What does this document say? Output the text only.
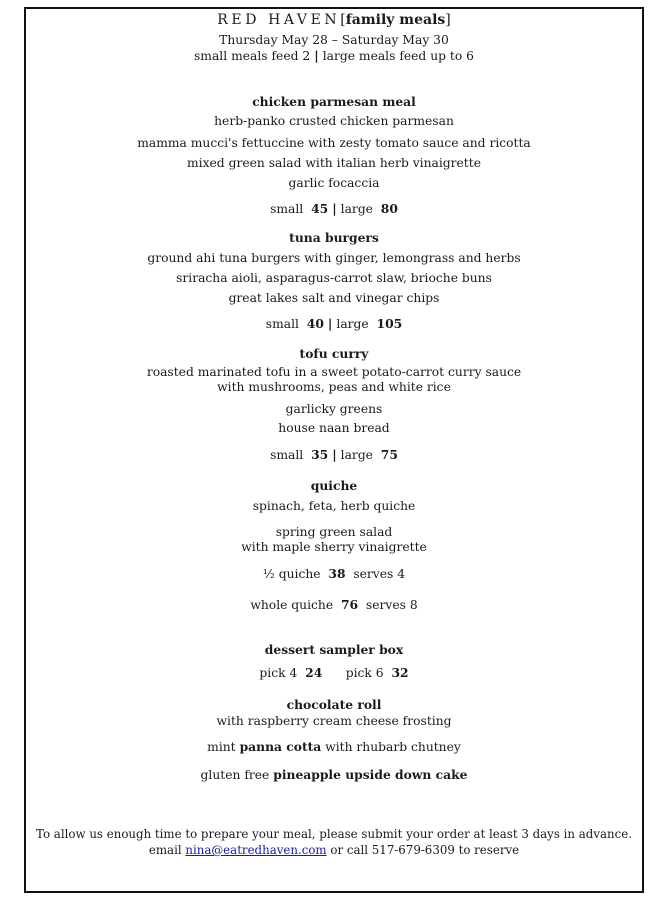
RED HAVEN[family meals]
Thursday May 28 – Saturday May 30
small meals feed 2 | large meals feed up to 6
chicken parmesan meal
herb-panko crusted chicken parmesan
mamma mucci's fettuccine with zesty tomato sauce and ricotta
mixed green salad with italian herb vinaigrette
garlic focaccia
small 45 | large 80
tuna burgers
ground ahi tuna burgers with ginger, lemongrass and herbs
sriracha aioli, asparagus-carrot slaw, brioche buns
great lakes salt and vinegar chips
small 40 | large 105
tofu curry
roasted marinated tofu in a sweet potato-carrot curry sauce
with mushrooms, peas and white rice
garlicky greens
house naan bread
small 35 | large 75
quiche
spinach, feta, herb quiche
spring green salad
with maple sherry vinaigrette
½ quiche 38 serves 4
whole quiche 76 serves 8
dessert sampler box
pick 4 24 pick 6 32
chocolate roll
with raspberry cream cheese frosting
mint panna cotta with rhubarb chutney
gluten free pineapple upside down cake
To allow us enough time to prepare your meal, please submit your order at least 3 days in advance.
email nina@eatredhaven.com or call 517-679-6309 to reserve
